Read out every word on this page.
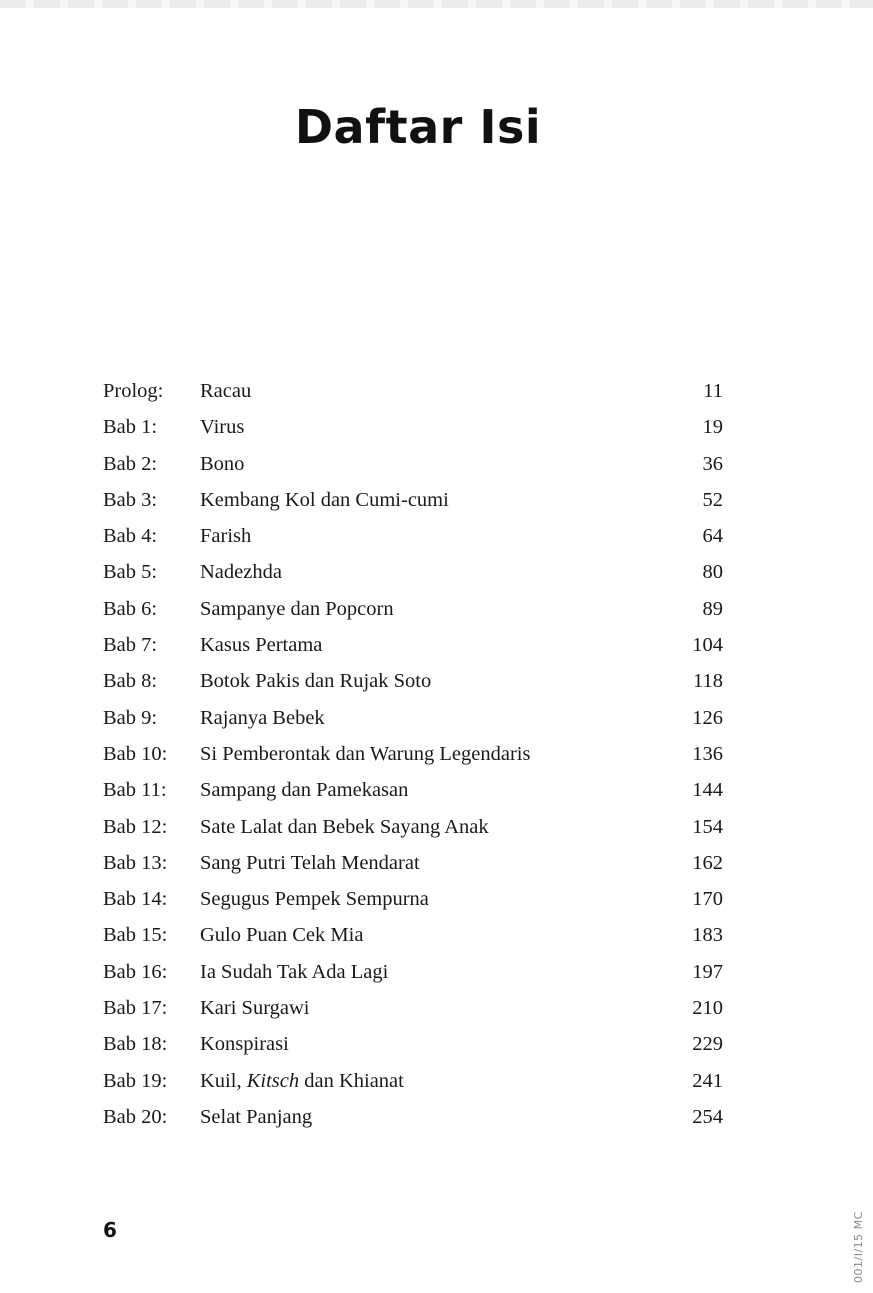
Daftar Isi
Prolog: Racau	11
Bab 1: Virus	19
Bab 2: Bono	36
Bab 3: Kembang Kol dan Cumi-cumi	52
Bab 4: Farish	64
Bab 5: Nadezhda	80
Bab 6: Sampanye dan Popcorn	89
Bab 7: Kasus Pertama	104
Bab 8: Botok Pakis dan Rujak Soto	118
Bab 9: Rajanya Bebek	126
Bab 10: Si Pemberontak dan Warung Legendaris	136
Bab 11: Sampang dan Pamekasan	144
Bab 12: Sate Lalat dan Bebek Sayang Anak	154
Bab 13: Sang Putri Telah Mendarat	162
Bab 14: Segugus Pempek Sempurna	170
Bab 15: Gulo Puan Cek Mia	183
Bab 16: Ia Sudah Tak Ada Lagi	197
Bab 17: Kari Surgawi	210
Bab 18: Konspirasi	229
Bab 19: Kuil, Kitsch dan Khianat	241
Bab 20: Selat Panjang	254
6	001/I/15 MC
